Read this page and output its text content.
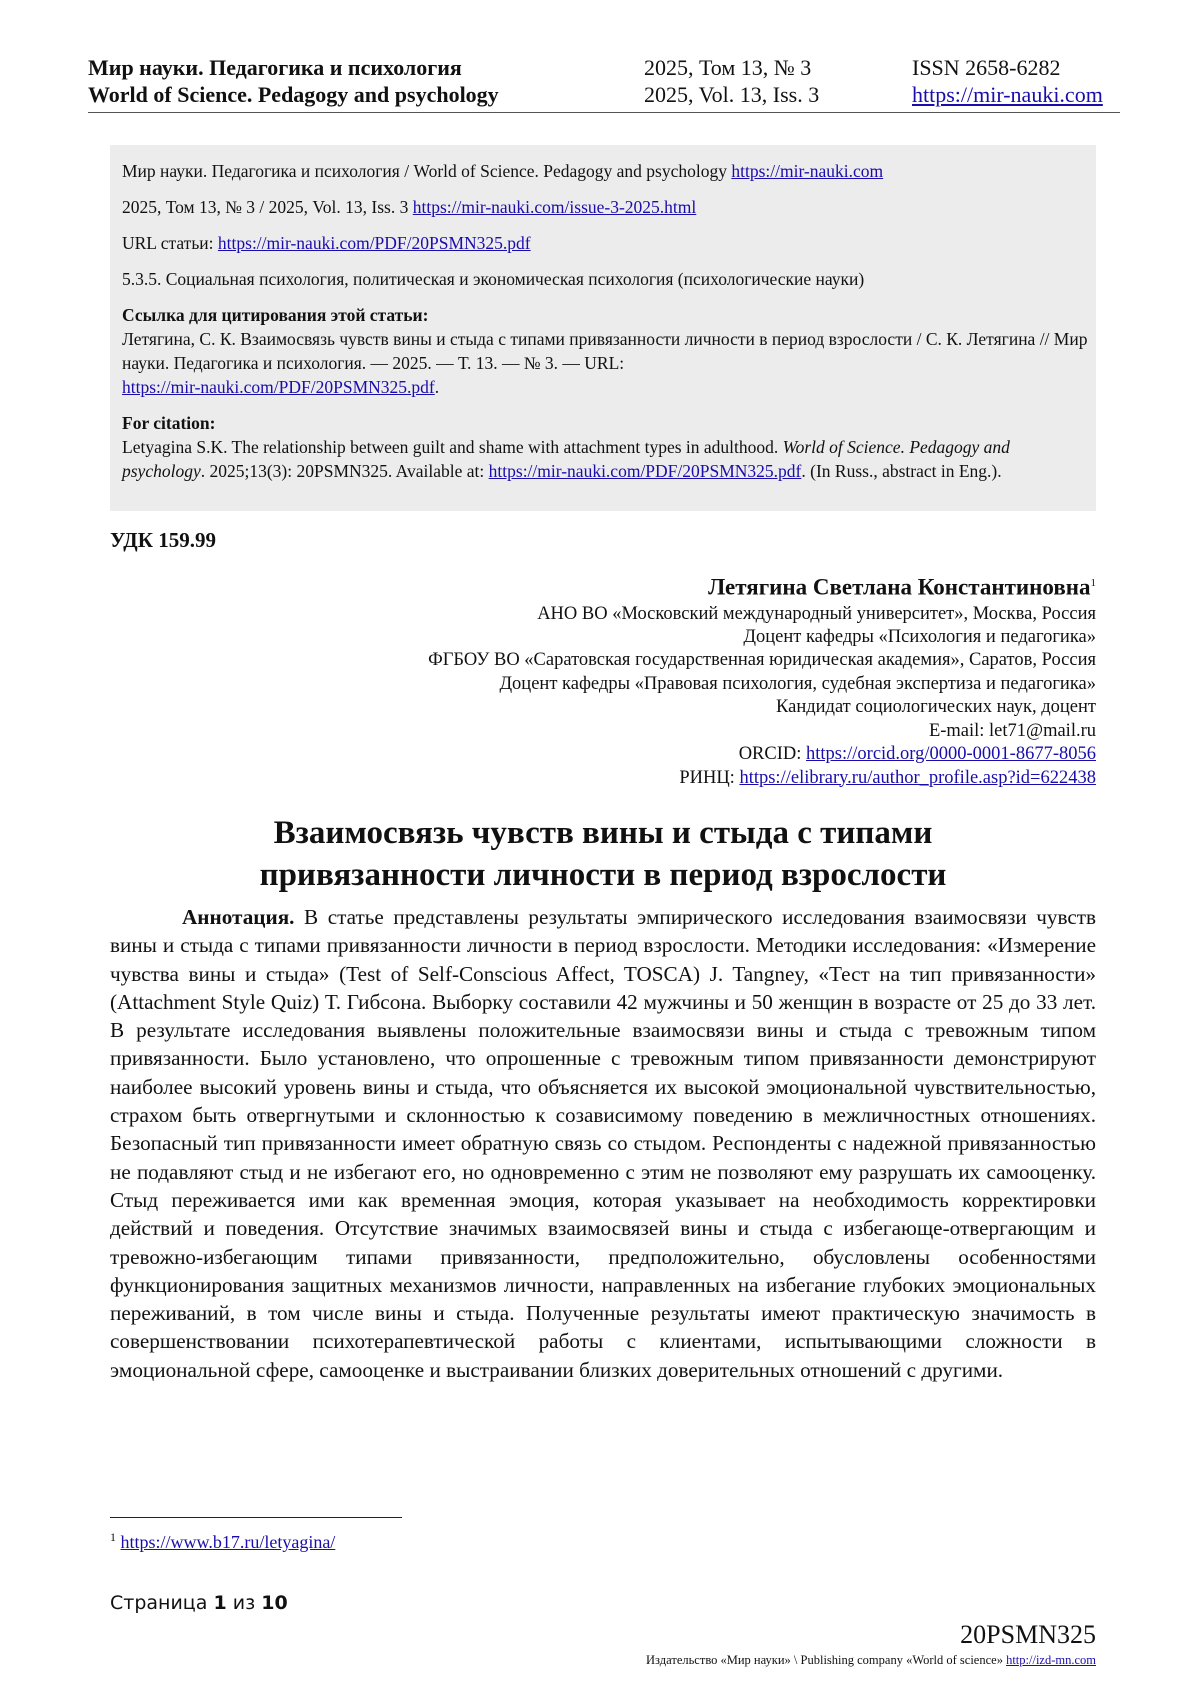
Мир науки. Педагогика и психология
World of Science. Pedagogy and psychology
2025, Том 13, № 3
2025, Vol. 13, Iss. 3
ISSN 2658-6282
https://mir-nauki.com

Мир науки. Педагогика и психология / World of Science. Pedagogy and psychology https://mir-nauki.com

2025, Том 13, № 3 / 2025, Vol. 13, Iss. 3 https://mir-nauki.com/issue-3-2025.html

URL статьи: https://mir-nauki.com/PDF/20PSMN325.pdf

5.3.5. Социальная психология, политическая и экономическая психология (психологические науки)

Ссылка для цитирования этой статьи:
Летягина, С. К. Взаимосвязь чувств вины и стыда с типами привязанности личности в период взрослости / С. К. Летягина // Мир науки. Педагогика и психология. — 2025. — Т. 13. — № 3. — URL:
https://mir-nauki.com/PDF/20PSMN325.pdf.

For citation:
Letyagina S.K. The relationship between guilt and shame with attachment types in adulthood. World of Science. Pedagogy and psychology. 2025;13(3): 20PSMN325. Available at: https://mir-nauki.com/PDF/20PSMN325.pdf. (In Russ., abstract in Eng.).

УДК 159.99
Летягина Светлана Константиновна$^1$
АНО ВО «Московский международный университет», Москва, Россия
Доцент кафедры «Психология и педагогика»
ФГБОУ ВО «Саратовская государственная юридическая академия», Саратов, Россия
Доцент кафедры «Правовая психология, судебная экспертиза и педагогика»
Кандидат социологических наук, доцент
E-mail: let71@mail.ru
ORCID: https://orcid.org/0000-0001-8677-8056
РИНЦ: https://elibrary.ru/author_profile.asp?id=622438
Взаимосвязь чувств вины и стыда с типами
привязанности личности в период взрослости

Аннотация. В статье представлены результаты эмпирического исследования взаимосвязи чувств вины и стыда с типами привязанности личности в период взрослости. Методики исследования: «Измерение чувства вины и стыда» (Test of Self-Conscious Affect, TOSCA) J. Tangney, «Тест на тип привязанности» (Attachment Style Quiz) Т. Гибсона. Выборку составили 42 мужчины и 50 женщин в возрасте от 25 до 33 лет. В результате исследования выявлены положительные взаимосвязи вины и стыда с тревожным типом привязанности. Было установлено, что опрошенные с тревожным типом привязанности демонстрируют наиболее высокий уровень вины и стыда, что объясняется их высокой эмоциональной чувствительностью, страхом быть отвергнутыми и склонностью к созависимому поведению в межличностных отношениях. Безопасный тип привязанности имеет обратную связь со стыдом. Респонденты с надежной привязанностью не подавляют стыд и не избегают его, но одновременно с этим не позволяют ему разрушать их самооценку. Стыд переживается ими как временная эмоция, которая указывает на необходимость корректировки действий и поведения. Отсутствие значимых взаимосвязей вины и стыда с избегающе-отвергающим и тревожно-избегающим типами привязанности, предположительно, обусловлены особенностями функционирования защитных механизмов личности, направленных на избегание глубоких эмоциональных переживаний, в том числе вины и стыда. Полученные результаты имеют практическую значимость в совершенствовании психотерапевтической работы с клиентами, испытывающими сложности в эмоциональной сфере, самооценке и выстраивании близких доверительных отношений с другими.

$^1$ https://www.b17.ru/letyagina/
Страница 1 из 10
20PSMN325
Издательство «Мир науки» \ Publishing company «World of science» http://izd-mn.com
